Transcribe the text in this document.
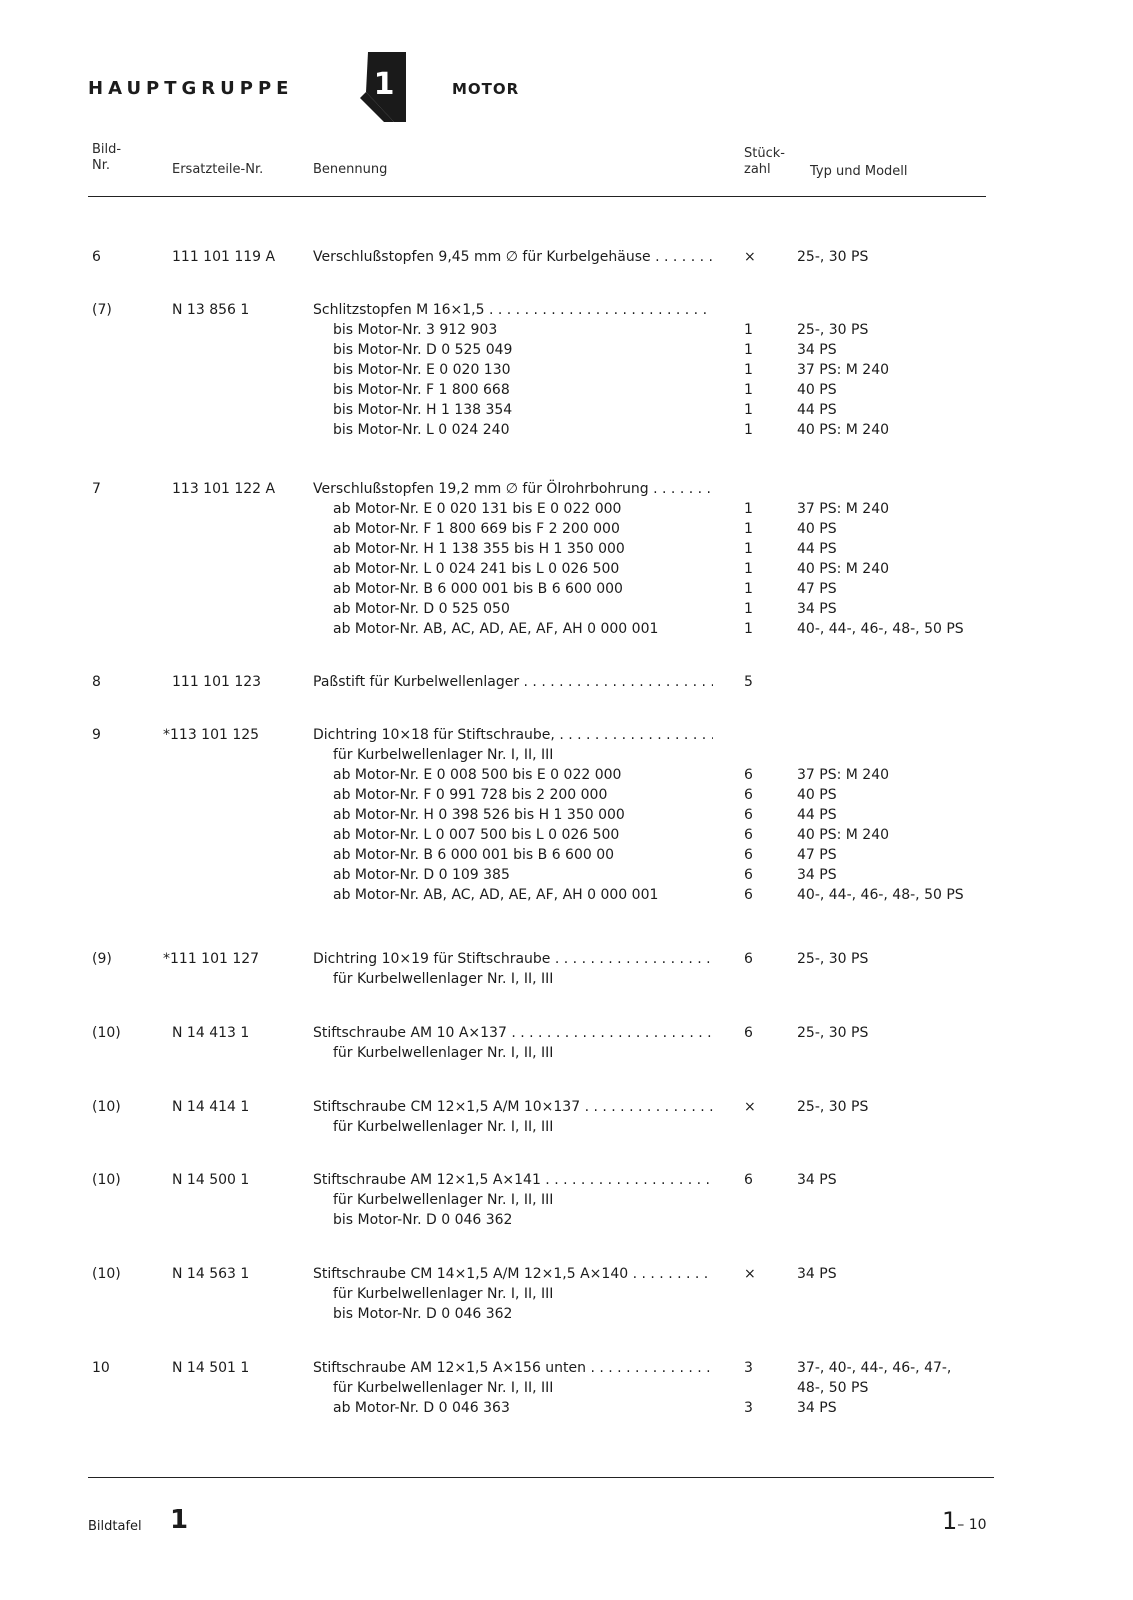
HAUPTGRUPPE	1	MOTOR
Bild-
Nr.	Ersatzteile-Nr.	Benennung
Stück-
zahl	Typ und Modell
6	111 101 119 A	Verschlußstopfen 9,45 mm ∅ für Kurbelgehäuse . . .	×	25-, 30 PS
(7)	N 13 856 1	Schlitzstopfen M 16×1,5 . . .
bis Motor-Nr. 3 912 903	1	25-, 30 PS
bis Motor-Nr. D 0 525 049	1	34 PS
bis Motor-Nr. E 0 020 130	1	37 PS: M 240
bis Motor-Nr. F 1 800 668	1	40 PS
bis Motor-Nr. H 1 138 354	1	44 PS
bis Motor-Nr. L 0 024 240	1	40 PS: M 240
7	113 101 122 A	Verschlußstopfen 19,2 mm ∅ für Ölrohrbohrung . . .
ab Motor-Nr. E 0 020 131 bis E 0 022 000	1	37 PS: M 240
ab Motor-Nr. F 1 800 669 bis F 2 200 000	1	40 PS
ab Motor-Nr. H 1 138 355 bis H 1 350 000	1	44 PS
ab Motor-Nr. L 0 024 241 bis L 0 026 500	1	40 PS: M 240
ab Motor-Nr. B 6 000 001 bis B 6 600 000	1	47 PS
ab Motor-Nr. D 0 525 050	1	34 PS
ab Motor-Nr. AB, AC, AD, AE, AF, AH 0 000 001	1	40-, 44-, 46-, 48-, 50 PS
8	111 101 123	Paßstift für Kurbelwellenlager . . .	5
9	*113 101 125	Dichtring 10×18 für Stiftschraube, . . .
für Kurbelwellenlager Nr. I, II, III
ab Motor-Nr. E 0 008 500 bis E 0 022 000	6	37 PS: M 240
ab Motor-Nr. F 0 991 728 bis 2 200 000	6	40 PS
ab Motor-Nr. H 0 398 526 bis H 1 350 000	6	44 PS
ab Motor-Nr. L 0 007 500 bis L 0 026 500	6	40 PS: M 240
ab Motor-Nr. B 6 000 001 bis B 6 600 00	6	47 PS
ab Motor-Nr. D 0 109 385	6	34 PS
ab Motor-Nr. AB, AC, AD, AE, AF, AH 0 000 001	6	40-, 44-, 46-, 48-, 50 PS
(9)	*111 101 127	Dichtring 10×19 für Stiftschraube . . .	6	25-, 30 PS
für Kurbelwellenlager Nr. I, II, III
(10)	N 14 413 1	Stiftschraube AM 10 A×137 . . .	6	25-, 30 PS
für Kurbelwellenlager Nr. I, II, III
(10)	N 14 414 1	Stiftschraube CM 12×1,5 A/M 10×137 . . .	×	25-, 30 PS
für Kurbelwellenlager Nr. I, II, III
(10)	N 14 500 1	Stiftschraube AM 12×1,5 A×141 . . .	6	34 PS
für Kurbelwellenlager Nr. I, II, III
bis Motor-Nr. D 0 046 362
(10)	N 14 563 1	Stiftschraube CM 14×1,5 A/M 12×1,5 A×140 . . .	×	34 PS
für Kurbelwellenlager Nr. I, II, III
bis Motor-Nr. D 0 046 362
10	N 14 501 1	Stiftschraube AM 12×1,5 A×156 unten . . .	3	37-, 40-, 44-, 46-, 47-,
für Kurbelwellenlager Nr. I, II, III	48-, 50 PS
ab Motor-Nr. D 0 046 363	3	34 PS
Bildtafel 1	1– 10
